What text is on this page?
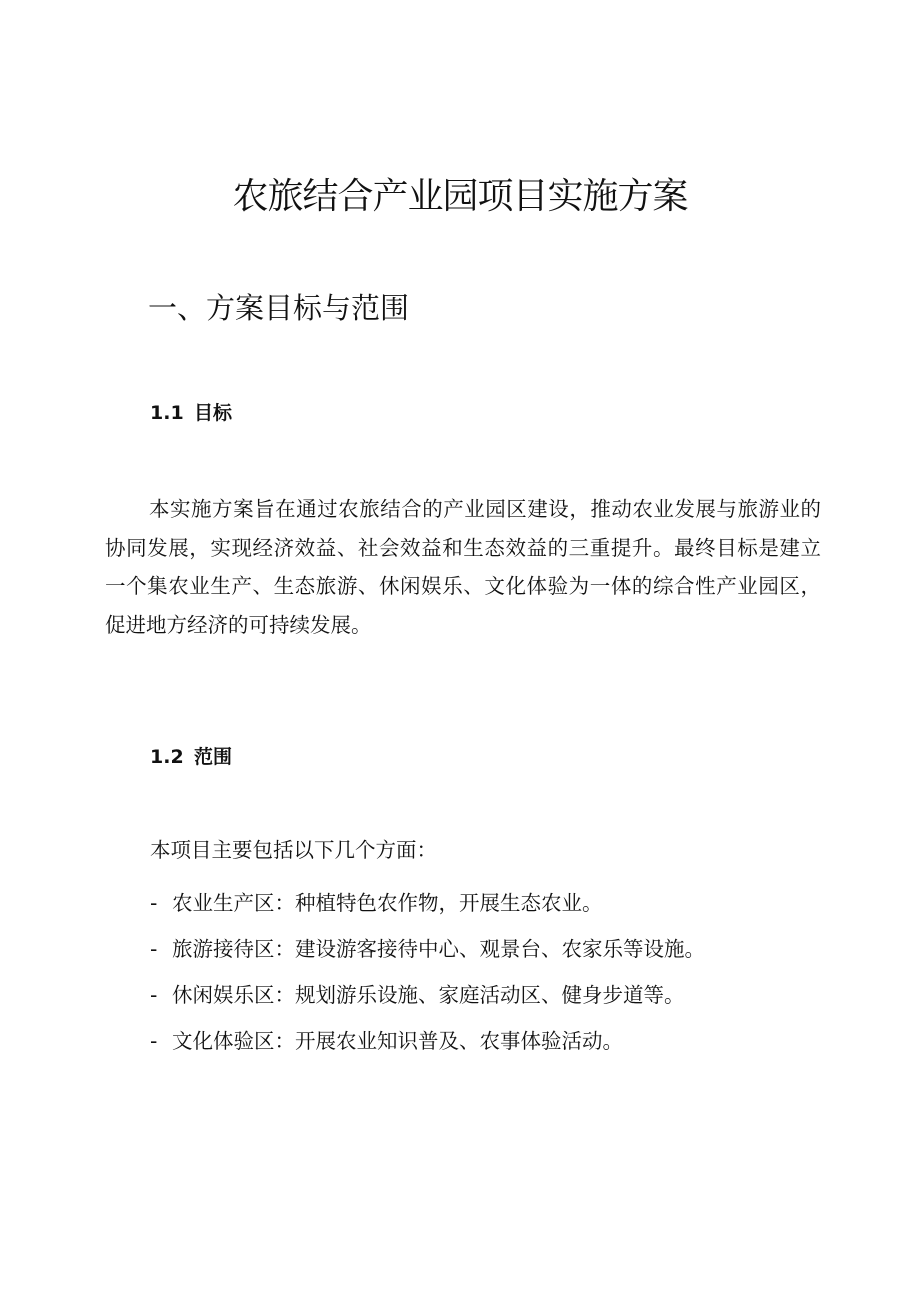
农旅结合产业园项目实施方案
一、方案目标与范围
1.1 目标

本实施方案旨在通过农旅结合的产业园区建设，推动农业发展与旅游业的协同发展，实现经济效益、社会效益和生态效益的三重提升。最终目标是建立一个集农业生产、生态旅游、休闲娱乐、文化体验为一体的综合性产业园区，促进地方经济的可持续发展。

1.2 范围

本项目主要包括以下几个方面：

- 农业生产区：种植特色农作物，开展生态农业。
- 旅游接待区：建设游客接待中心、观景台、农家乐等设施。
- 休闲娱乐区：规划游乐设施、家庭活动区、健身步道等。
- 文化体验区：开展农业知识普及、农事体验活动。
